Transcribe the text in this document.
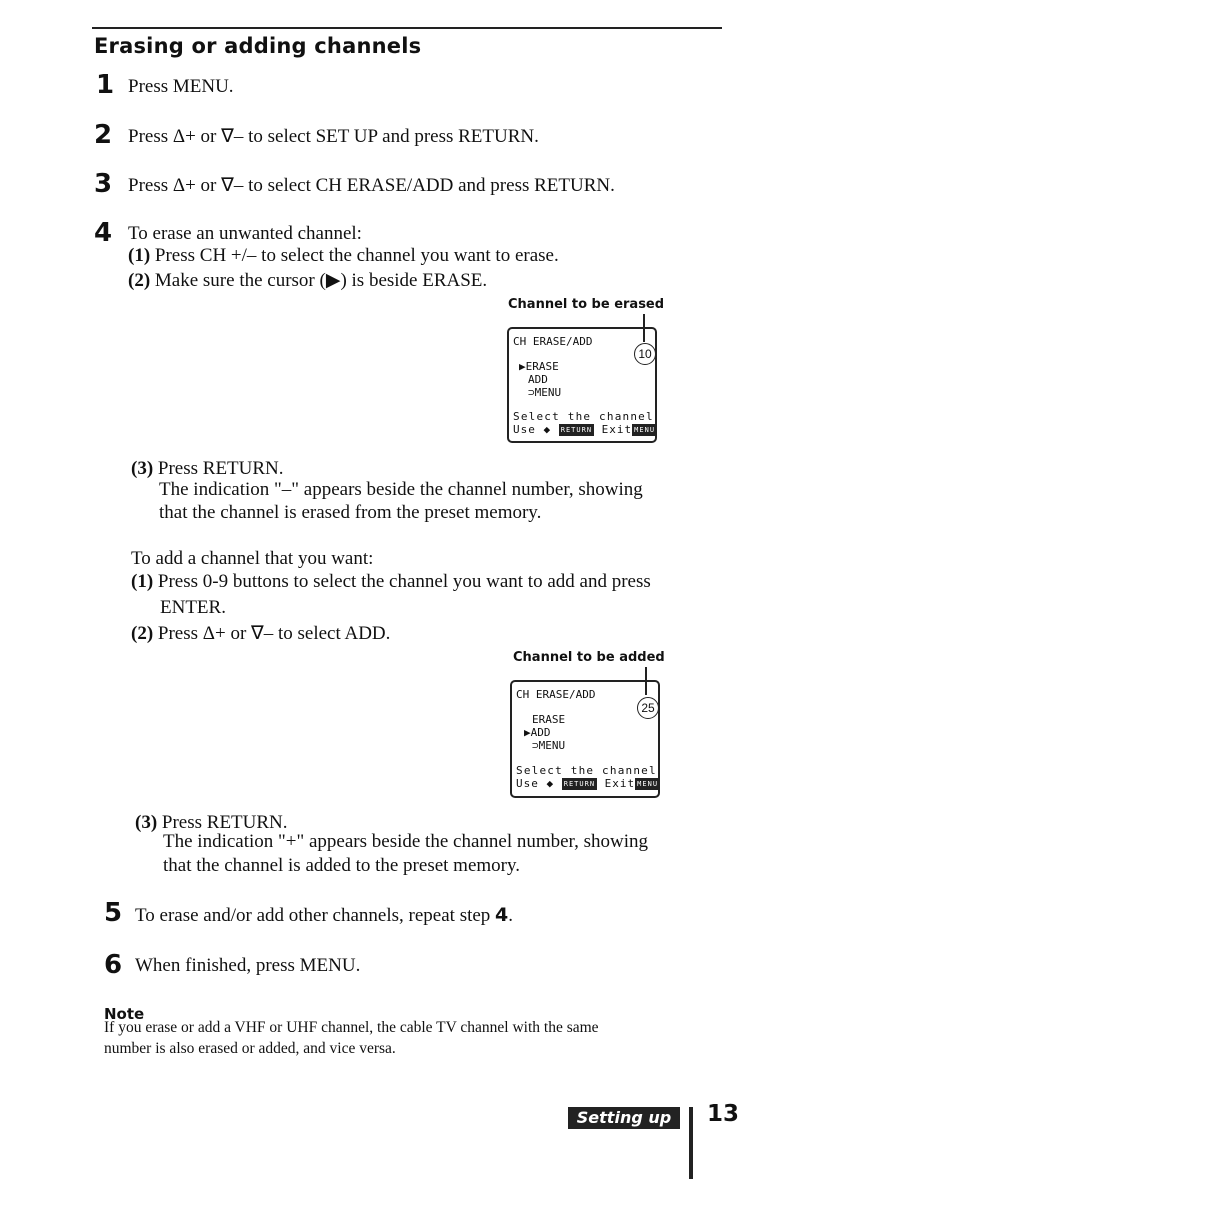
Erasing or adding channels
1 Press MENU.
2 Press Δ+ or ∇– to select SET UP and press RETURN.
3 Press Δ+ or ∇– to select CH ERASE/ADD and press RETURN.
4 To erase an unwanted channel:
(1) Press CH +/– to select the channel you want to erase.
(2) Make sure the cursor (▶) is beside ERASE.
Channel to be erased
CH ERASE/ADD
▶ERASE
ADD
⊃MENU
Select the channel
Use ◆ RETURN Exit MENU
10
(3) Press RETURN.
The indication "–" appears beside the channel number, showing
that the channel is erased from the preset memory.
To add a channel that you want:
(1) Press 0-9 buttons to select the channel you want to add and press
ENTER.
(2) Press Δ+ or ∇– to select ADD.
Channel to be added
CH ERASE/ADD
ERASE
▶ADD
⊃MENU
Select the channel
Use ◆ RETURN Exit MENU
25
(3) Press RETURN.
The indication "+" appears beside the channel number, showing
that the channel is added to the preset memory.
5 To erase and/or add other channels, repeat step 4.
6 When finished, press MENU.
Note
If you erase or add a VHF or UHF channel, the cable TV channel with the same
number is also erased or added, and vice versa.
Setting up	13
